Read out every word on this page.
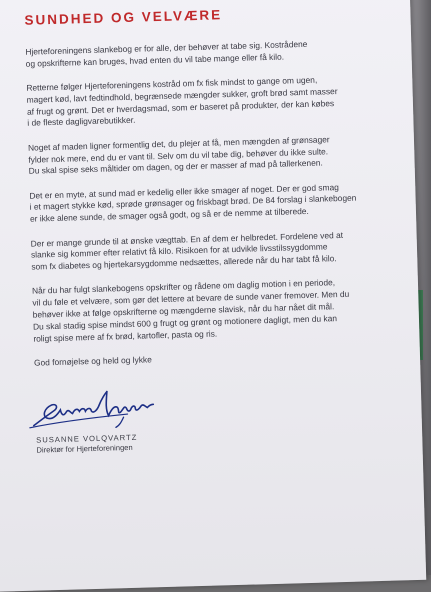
SUNDHED OG VELVÆRE

Hjerteforeningens slankebog er for alle, der behøver at tabe sig. Kostrådene
og opskrifterne kan bruges, hvad enten du vil tabe mange eller få kilo.

Retterne følger Hjerteforeningens kostråd om fx fisk mindst to gange om ugen,
magert kød, lavt fedtindhold, begrænsede mængder sukker, groft brød samt masser
af frugt og grønt. Det er hverdagsmad, som er baseret på produkter, der kan købes
i de fleste dagligvarebutikker.

Noget af maden ligner formentlig det, du plejer at få, men mængden af grønsager
fylder nok mere, end du er vant til. Selv om du vil tabe dig, behøver du ikke sulte.
Du skal spise seks måltider om dagen, og der er masser af mad på tallerkenen.

Det er en myte, at sund mad er kedelig eller ikke smager af noget. Der er god smag
i et magert stykke kød, sprøde grønsager og friskbagt brød. De 84 forslag i slankebogen
er ikke alene sunde, de smager også godt, og så er de nemme at tilberede.

Der er mange grunde til at ønske vægttab. En af dem er helbredet. Fordelene ved at
slanke sig kommer efter relativt få kilo. Risikoen for at udvikle livsstilssygdomme
som fx diabetes og hjertekarsygdomme nedsættes, allerede når du har tabt få kilo.

Når du har fulgt slankebogens opskrifter og rådene om daglig motion i en periode,
vil du føle et velvære, som gør det lettere at bevare de sunde vaner fremover. Men du
behøver ikke at følge opskrifterne og mængderne slavisk, når du har nået dit mål.
Du skal stadig spise mindst 600 g frugt og grønt og motionere dagligt, men du kan
roligt spise mere af fx brød, kartofler, pasta og ris.

God fornøjelse og held og lykke

SUSANNE VOLQVARTZ
Direktør for Hjerteforeningen
